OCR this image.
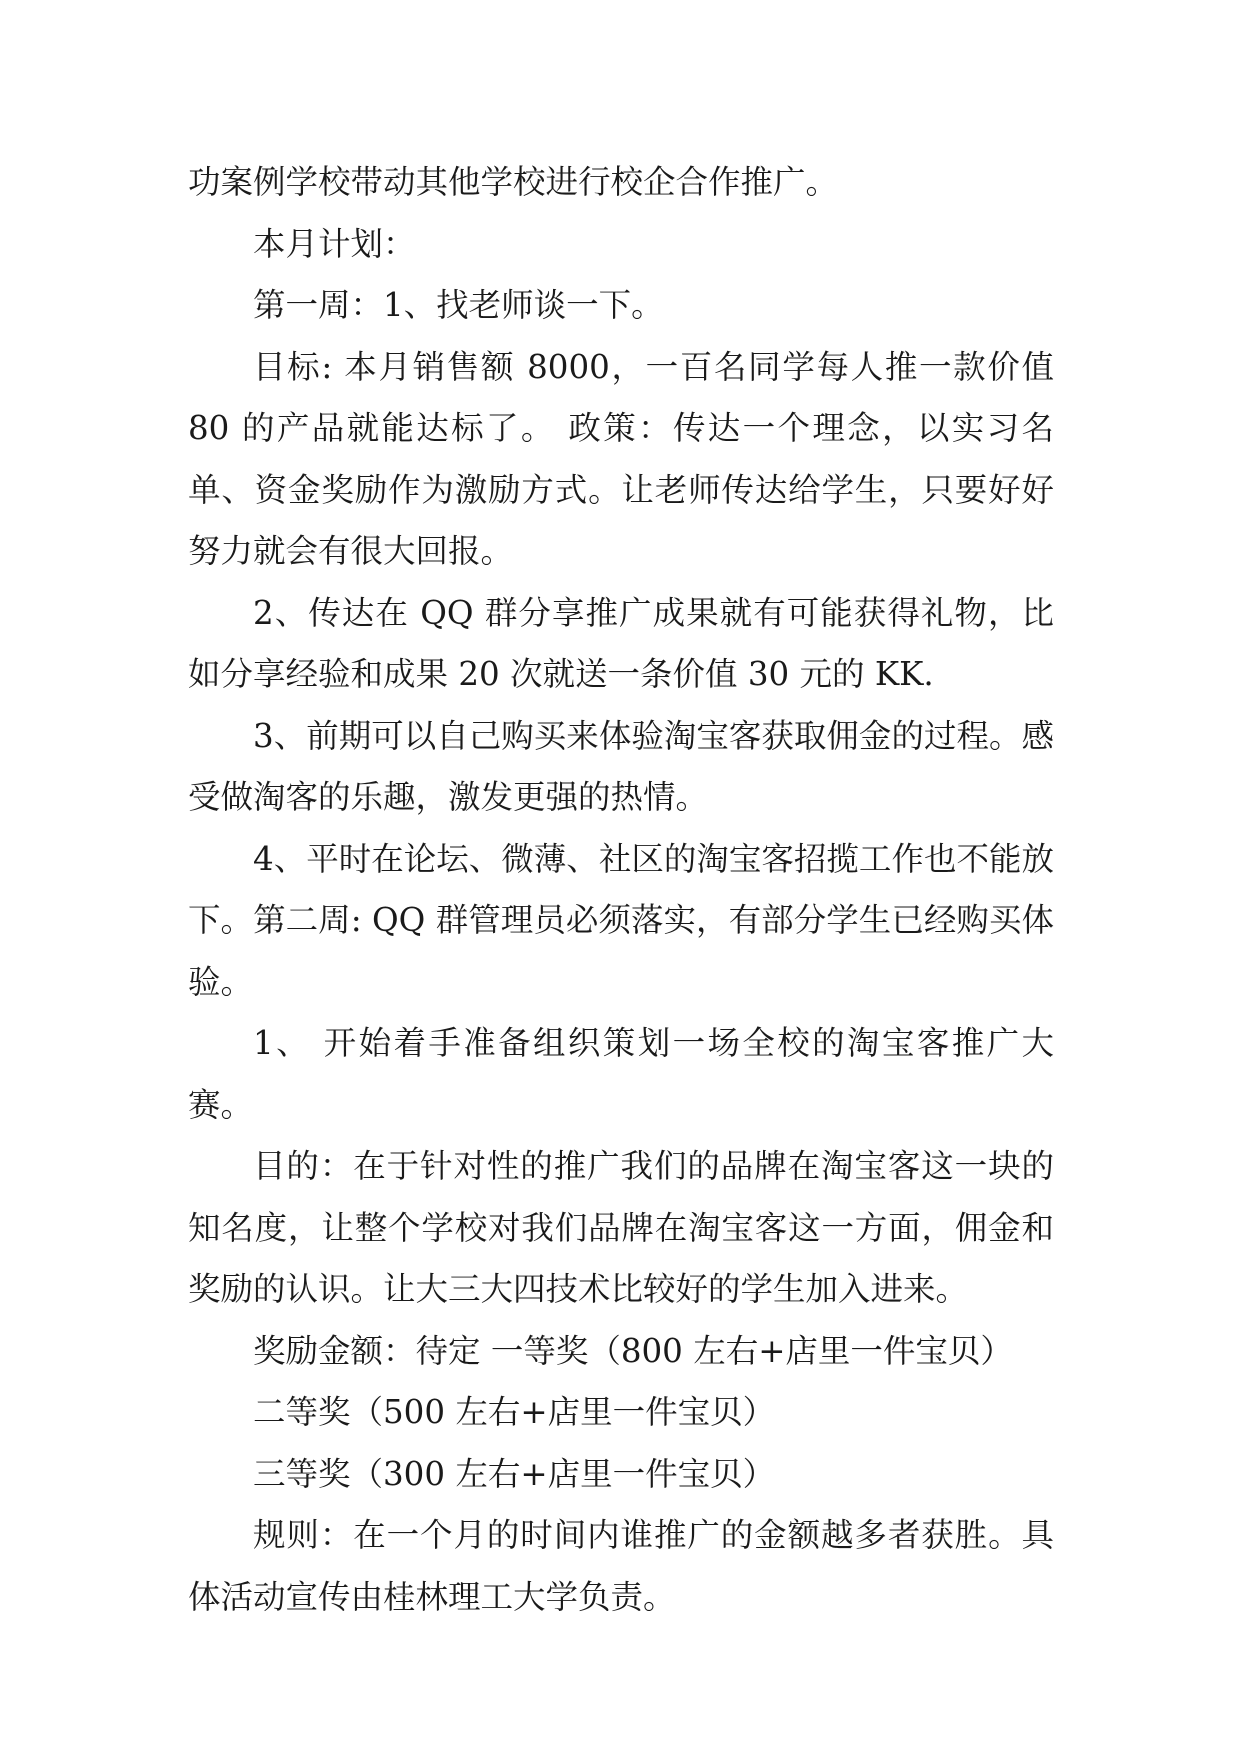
功案例学校带动其他学校进行校企合作推广。

本月计划：

第一周：1、找老师谈一下。

目标: 本月销售额 8000，一百名同学每人推一款价值 80 的产品就能达标了。 政策：传达一个理念，以实习名单、资金奖励作为激励方式。让老师传达给学生，只要好好努力就会有很大回报。

2、传达在 QQ 群分享推广成果就有可能获得礼物，比如分享经验和成果 20 次就送一条价值 30 元的 KK.

3、前期可以自己购买来体验淘宝客获取佣金的过程。感受做淘客的乐趣，激发更强的热情。

4、平时在论坛、微薄、社区的淘宝客招揽工作也不能放下。第二周: QQ 群管理员必须落实，有部分学生已经购买体验。

1、 开始着手准备组织策划一场全校的淘宝客推广大赛。

目的：在于针对性的推广我们的品牌在淘宝客这一块的知名度，让整个学校对我们品牌在淘宝客这一方面，佣金和奖励的认识。让大三大四技术比较好的学生加入进来。

奖励金额：待定 一等奖（800 左右+店里一件宝贝）

二等奖（500 左右+店里一件宝贝）

三等奖（300 左右+店里一件宝贝）

规则：在一个月的时间内谁推广的金额越多者获胜。具体活动宣传由桂林理工大学负责。
